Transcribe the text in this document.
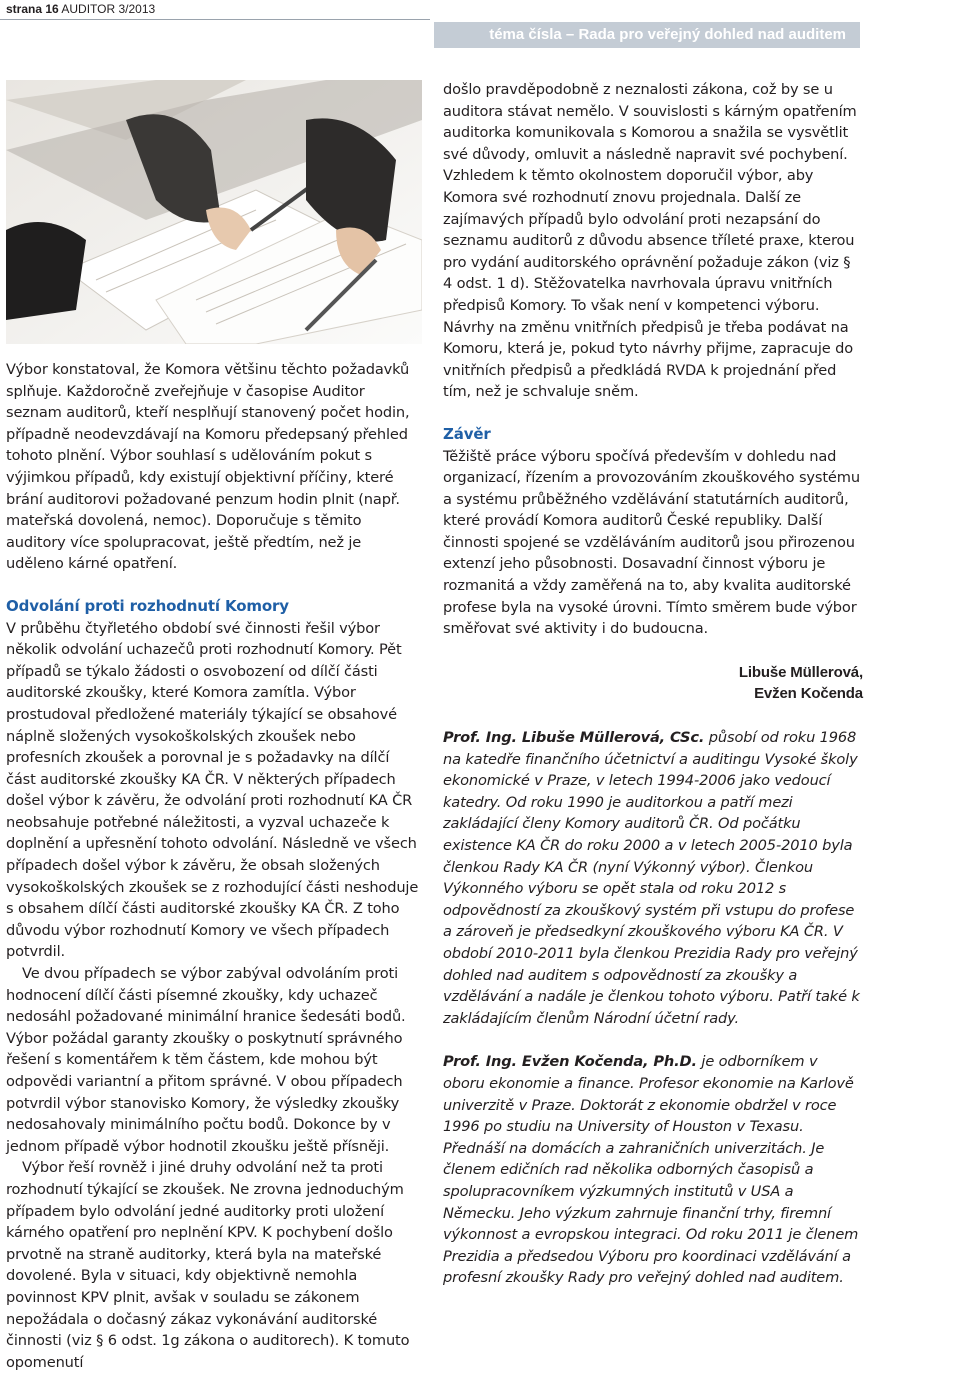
strana 16 AUDITOR 3/2013
téma čísla – Rada pro veřejný dohled nad auditem

Výbor konstatoval, že Komora většinu těchto požadavků splňuje. Každoročně zveřejňuje v časopise Auditor seznam auditorů, kteří nesplňují stanovený počet hodin, případně neodevzdávají na Komoru předepsaný přehled tohoto plnění. Výbor souhlasí s udělováním pokut s výjimkou případů, kdy existují objektivní příčiny, které brání auditorovi požadované penzum hodin plnit (např. mateřská dovolená, nemoc). Doporučuje s těmito auditory více spolupracovat, ještě předtím, než je uděleno kárné opatření.

Odvolání proti rozhodnutí Komory

V průběhu čtyřletého období své činnosti řešil výbor několik odvolání uchazečů proti rozhodnutí Komory. Pět případů se týkalo žádosti o osvobození od dílčí části auditorské zkoušky, které Komora zamítla. Výbor prostudoval předložené materiály týkající se obsahové náplně složených vysokoškolských zkoušek nebo profesních zkoušek a porovnal je s požadavky na dílčí část auditorské zkoušky KA ČR. V některých případech došel výbor k závěru, že odvolání proti rozhodnutí KA ČR neobsahuje potřebné náležitosti, a vyzval uchazeče k doplnění a upřesnění tohoto odvolání. Následně ve všech případech došel výbor k závěru, že obsah složených vysokoškolských zkoušek se z rozhodující části neshoduje s obsahem dílčí části auditorské zkoušky KA ČR. Z toho důvodu výbor rozhodnutí Komory ve všech případech potvrdil.

Ve dvou případech se výbor zabýval odvoláním proti hodnocení dílčí části písemné zkoušky, kdy uchazeč nedosáhl požadované minimální hranice šedesáti bodů. Výbor požádal garanty zkoušky o poskytnutí správného řešení s komentářem k těm částem, kde mohou být odpovědi variantní a přitom správné. V obou případech potvrdil výbor stanovisko Komory, že výsledky zkoušky nedosahovaly minimálního počtu bodů. Dokonce by v jednom případě výbor hodnotil zkoušku ještě přísněji.

Výbor řeší rovněž i jiné druhy odvolání než ta proti rozhodnutí týkající se zkoušek. Ne zrovna jednoduchým případem bylo odvolání jedné auditorky proti uložení kárného opatření pro neplnění KPV. K pochybení došlo prvotně na straně auditorky, která byla na mateřské dovolené. Byla v situaci, kdy objektivně nemohla povinnost KPV plnit, avšak v souladu se zákonem nepožádala o dočasný zákaz vykonávání auditorské činnosti (viz § 6 odst. 1g zákona o auditorech). K tomuto opomenutí

došlo pravděpodobně z neznalosti zákona, což by se u auditora stávat nemělo. V souvislosti s kárným opatřením auditorka komunikovala s Komorou a snažila se vysvětlit své důvody, omluvit a následně napravit své pochybení. Vzhledem k těmto okolnostem doporučil výbor, aby Komora své rozhodnutí znovu projednala. Další ze zajímavých případů bylo odvolání proti nezapsání do seznamu auditorů z důvodu absence tříleté praxe, kterou pro vydání auditorského oprávnění požaduje zákon (viz § 4 odst. 1 d). Stěžovatelka navrhovala úpravu vnitřních předpisů Komory. To však není v kompetenci výboru. Návrhy na změnu vnitřních předpisů je třeba podávat na Komoru, která je, pokud tyto návrhy přijme, zapracuje do vnitřních předpisů a předkládá RVDA k projednání před tím, než je schvaluje sněm.

Závěr

Těžiště práce výboru spočívá především v dohledu nad organizací, řízením a provozováním zkouškového systému a systému průběžného vzdělávání statutárních auditorů, které provádí Komora auditorů České republiky. Další činnosti spojené se vzděláváním auditorů jsou přirozenou extenzí jeho působnosti. Dosavadní činnost výboru je rozmanitá a vždy zaměřená na to, aby kvalita auditorské profese byla na vysoké úrovni. Tímto směrem bude výbor směřovat své aktivity i do budoucna.

Libuše Müllerová,
Evžen Kočenda

Prof. Ing. Libuše Müllerová, CSc. působí od roku 1968 na katedře finančního účetnictví a auditingu Vysoké školy ekonomické v Praze, v letech 1994-2006 jako vedoucí katedry. Od roku 1990 je auditorkou a patří mezi zakládající členy Komory auditorů ČR. Od počátku existence KA ČR do roku 2000 a v letech 2005-2010 byla členkou Rady KA ČR (nyní Výkonný výbor). Členkou Výkonného výboru se opět stala od roku 2012 s odpovědností za zkouškový systém při vstupu do profese a zároveň je předsedkyní zkouškového výboru KA ČR. V období 2010-2011 byla členkou Prezidia Rady pro veřejný dohled nad auditem s odpovědností za zkoušky a vzdělávání a nadále je členkou tohoto výboru. Patří také k zakládajícím členům Národní účetní rady.

Prof. Ing. Evžen Kočenda, Ph.D. je odborníkem v oboru ekonomie a finance. Profesor ekonomie na Karlově univerzitě v Praze. Doktorát z ekonomie obdržel v roce 1996 po studiu na University of Houston v Texasu. Přednáší na domácích a zahraničních univerzitách. Je členem edičních rad několika odborných časopisů a spolupracovníkem výzkumných institutů v USA a Německu. Jeho výzkum zahrnuje finanční trhy, firemní výkonnost a evropskou integraci. Od roku 2011 je členem Prezidia a předsedou Výboru pro koordinaci vzdělávání a profesní zkoušky Rady pro veřejný dohled nad auditem.
